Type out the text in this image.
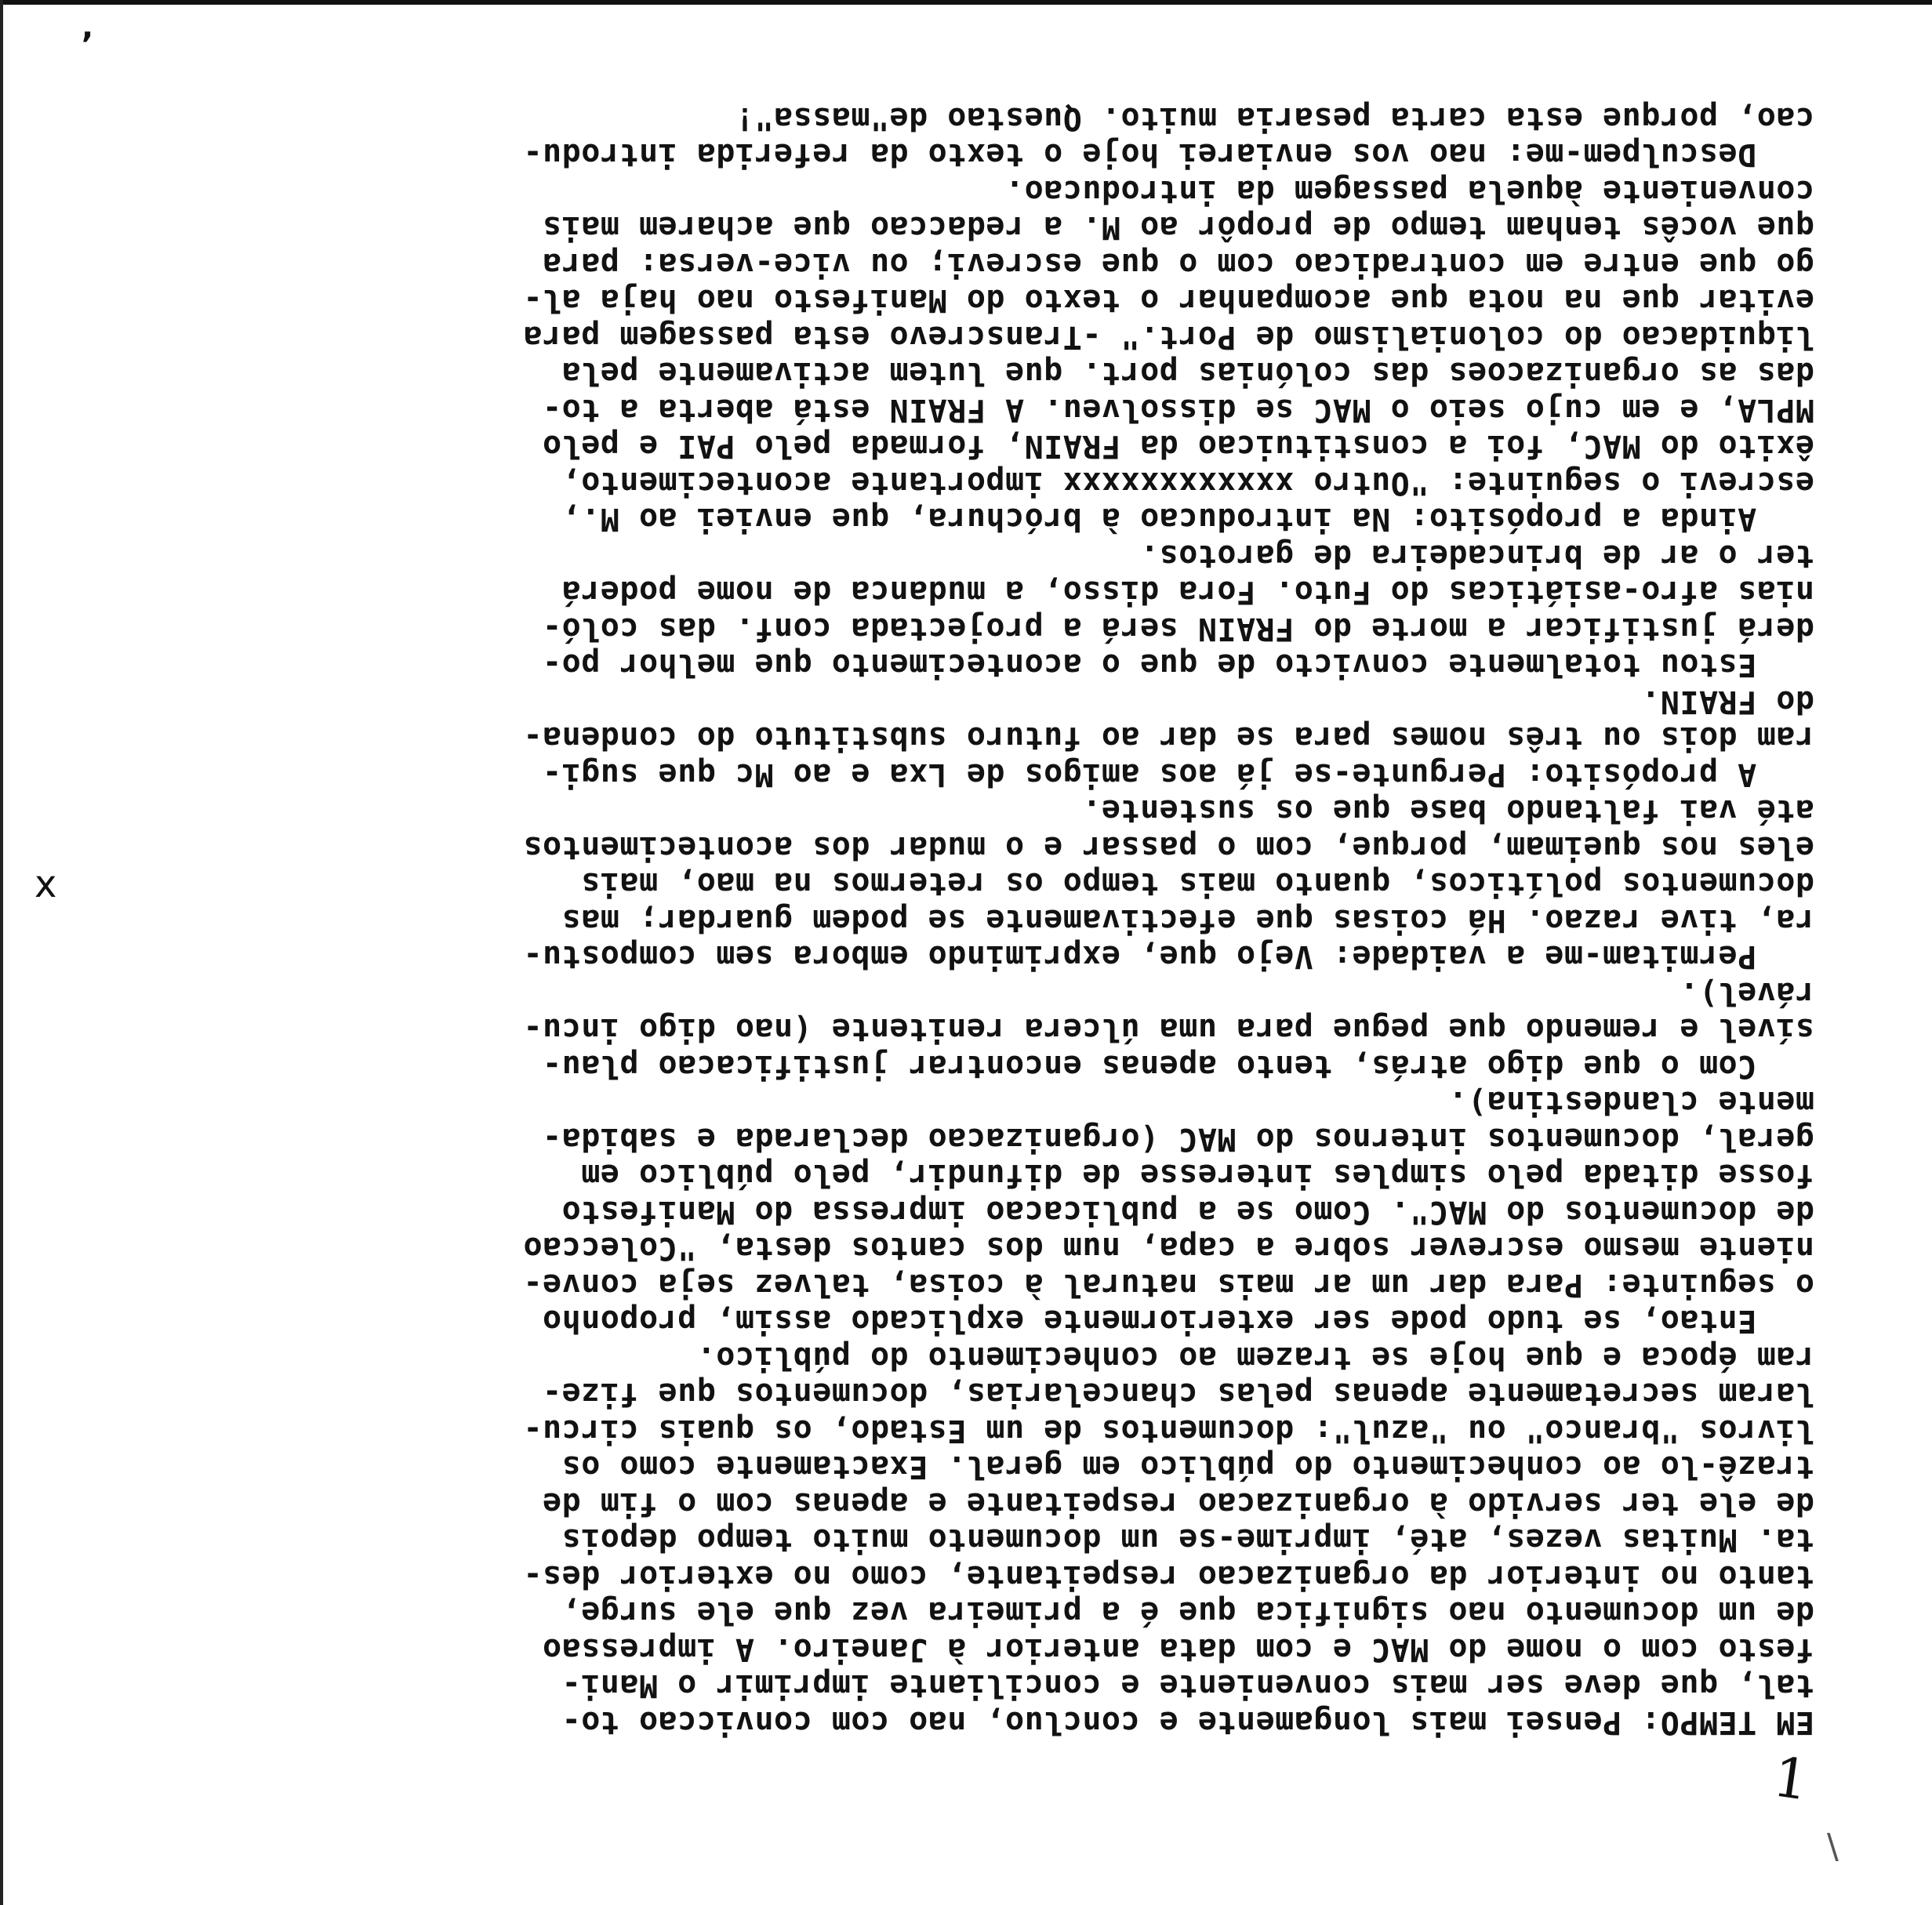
EM TEMPO: Pensei mais longamente e concluo, nao com conviccao to-
tal, que deve ser mais conveniente e conciliante imprimir o Mani-
festo com o nome do MAC e com data anterior à Janeiro. A impressao
de um documento nao significa que é a primeira vez que ele surge,
tanto no interior da organizacao respeitante, como no exterior des-
ta. Muitas vezes, até, imprime-se um documento muito tempo depois
de ele ter servido à organizacao respeitante e apenas com o fim de
trazê-lo ao conhecimento do público em geral. Exactamente como os
livros "branco" ou "azul": documentos de um Estado, os quais circu-
laram secretamente apenas pelas chancelarias, documentos que fize-
ram época e que hoje se trazem ao conhecimento do público.
Entao, se tudo pode ser exteriormente explicado assim, proponho
o seguinte: Para dar um ar mais natural à coisa, talvez seja conve-
niente mesmo escrever sobre a capa, num dos cantos desta, "Coleccao
de documentos do MAC". Como se a publicacao impressa do Manifesto
fosse ditada pelo simples interesse de difundir, pelo público em
geral, documentos internos do MAC (organizacao declarada e sabida-
mente clandestina).
Com o que digo atrás, tento apenas encontrar justificacao plau-
sível e remendo que pegue para uma úlcera renitente (nao digo incu-
rável).
Permitam-me a vaidade: Vejo que, exprimindo embora sem compostu-
ra, tive razao. Há coisas que efectivamente se podem guardar; mas
documentos políticos, quanto mais tempo os retermos na mao, mais
eles nos queimam, porque, com o passar e o mudar dos acontecimentos
até vai faltando base que os sustente.
A propósito: Pergunte-se já aos amigos de Lxa e ao Mc que sugi-
ram dois ou três nomes para se dar ao futuro substituto do condena-
do FRAIN.
Estou totalmente convicto de que o acontecimento que melhor po-
derá justificar a morte do FRAIN será a projectada conf. das coló-
nias afro-asiáticas do Futo. Fora disso, a mudanca de nome poderá
ter o ar de brincadeira de garotos.
Ainda a propósito: Na introducao à bróchura, que enviei ao M.,
escrevi o seguinte: "Outro xxxxxxxxxxxx importante acontecimento,
êxito do MAC, foi a constituicao da FRAIN, formada pelo PAI e pelo
MPLA, e em cujo seio o MAC se dissolveu. A FRAIN está aberta a to-
das as organizacoes das colónias port. que lutem activamente pela
liquidacao do colonialismo de Port." -Transcrevo esta passagem para
evitar que na nota que acompanhar o texto do Manifesto nao haja al-
go que entre em contradicao com o que escrevi; ou vice-versa: para
que vocês tenham tempo de propôr ao M. a redaccao que acharem mais
conveniente àquela passagem da introducao.
Desculpem-me: nao vos enviarei hoje o texto da referida introdu-
cao, porque esta carta pesaria muito. Questao de"massa"!
,
1
\
x
